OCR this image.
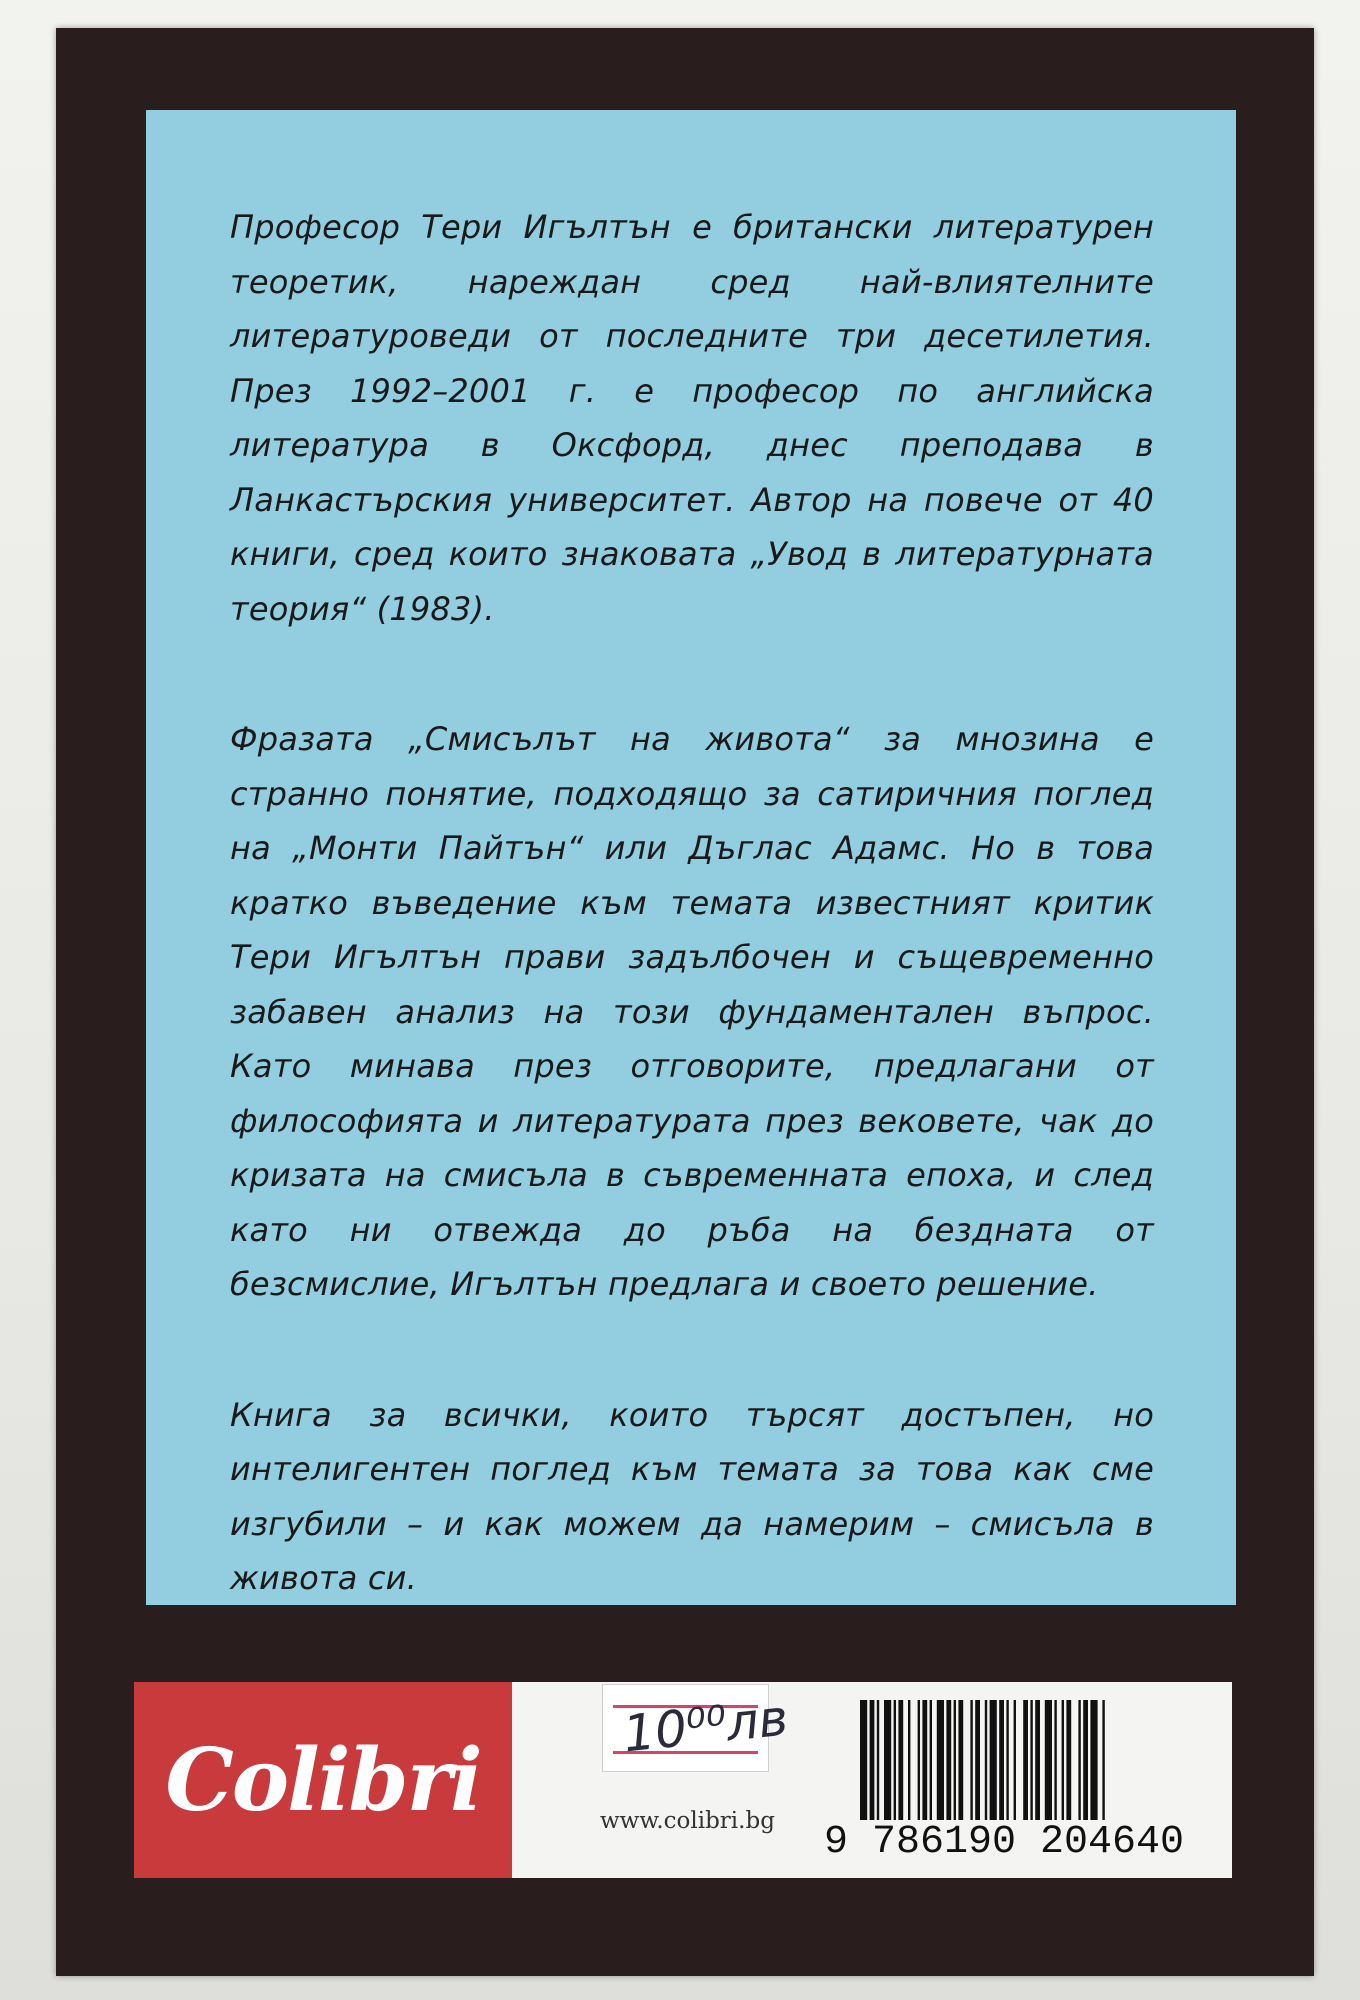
Професор Тери Игълтън е британски литературен теоретик, нареждан сред най-влиятелните литературоведи от последните три десетилетия. През 1992–2001 г. е професор по английска литература в Оксфорд, днес преподава в Ланкастърския университет. Автор на повече от 40 книги, сред които знаковата „Увод в литературната теория“ (1983).

Фразата „Смисълът на живота“ за мнозина е странно понятие, подходящо за сатиричния поглед на „Монти Пайтън“ или Дъглас Адамс. Но в това кратко въведение към темата известният критик Тери Игълтън прави задълбочен и същевременно забавен анализ на този фундаментален въпрос. Като минава през отговорите, предлагани от философията и литературата през вековете, чак до кризата на смисъла в съвременната епоха, и след като ни отвежда до ръба на бездната от безсмислие, Игълтън предлага и своето решение.

Книга за всички, които търсят достъпен, но интелигентен поглед към темата за това как сме изгубили – и как можем да намерим – смисъла в живота си.

Colibri
10⁰⁰лв
www.colibri.bg 9 786190 204640
